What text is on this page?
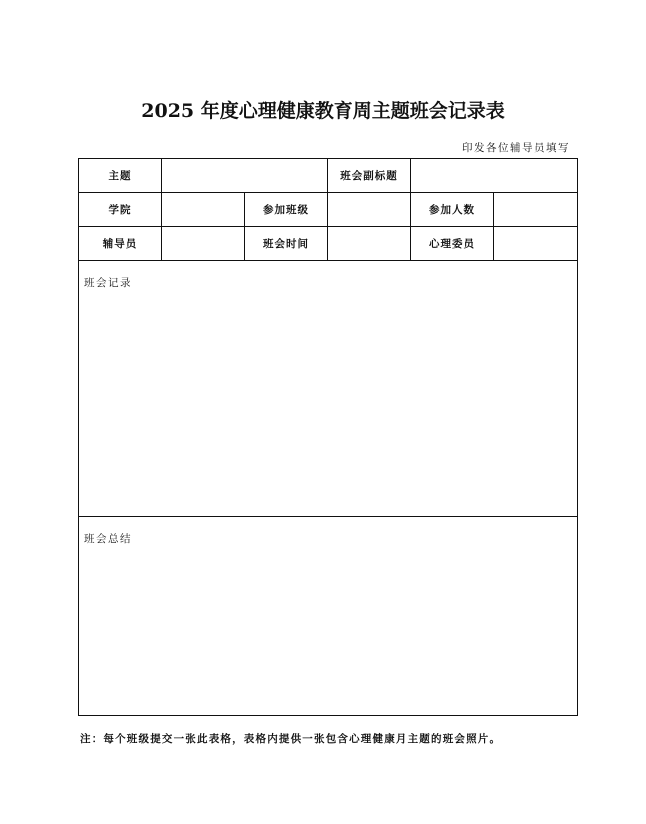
2025 年度心理健康教育周主题班会记录表
印发各位辅导员填写
主题			班会副标题		
学院		参加班级		参加人数	
辅导员		班会时间		心理委员	
班会记录					
班会总结					
注：每个班级提交一张此表格，表格内提供一张包含心理健康月主题的班会照片。
